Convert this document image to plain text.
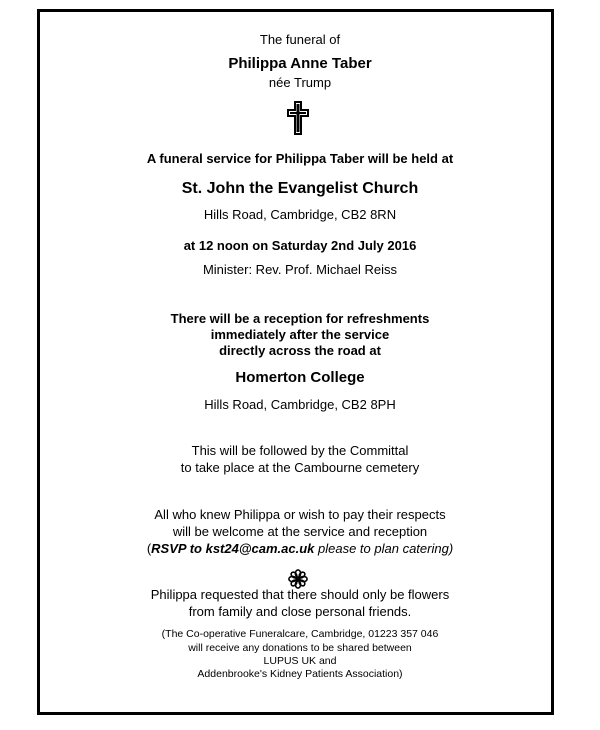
The funeral of
Philippa Anne Taber
née Trump
A funeral service for Philippa Taber will be held at
St. John the Evangelist Church
Hills Road, Cambridge, CB2 8RN
at 12 noon on Saturday 2nd July 2016
Minister: Rev. Prof. Michael Reiss
There will be a reception for refreshments
immediately after the service
directly across the road at
Homerton College
Hills Road, Cambridge, CB2 8PH
This will be followed by the Committal
to take place at the Cambourne cemetery
All who knew Philippa or wish to pay their respects
will be welcome at the service and reception
(RSVP to kst24@cam.ac.uk please to plan catering)
Philippa requested that there should only be flowers
from family and close personal friends.
(The Co-operative Funeralcare, Cambridge, 01223 357 046
will receive any donations to be shared between
LUPUS UK and
Addenbrooke's Kidney Patients Association)
